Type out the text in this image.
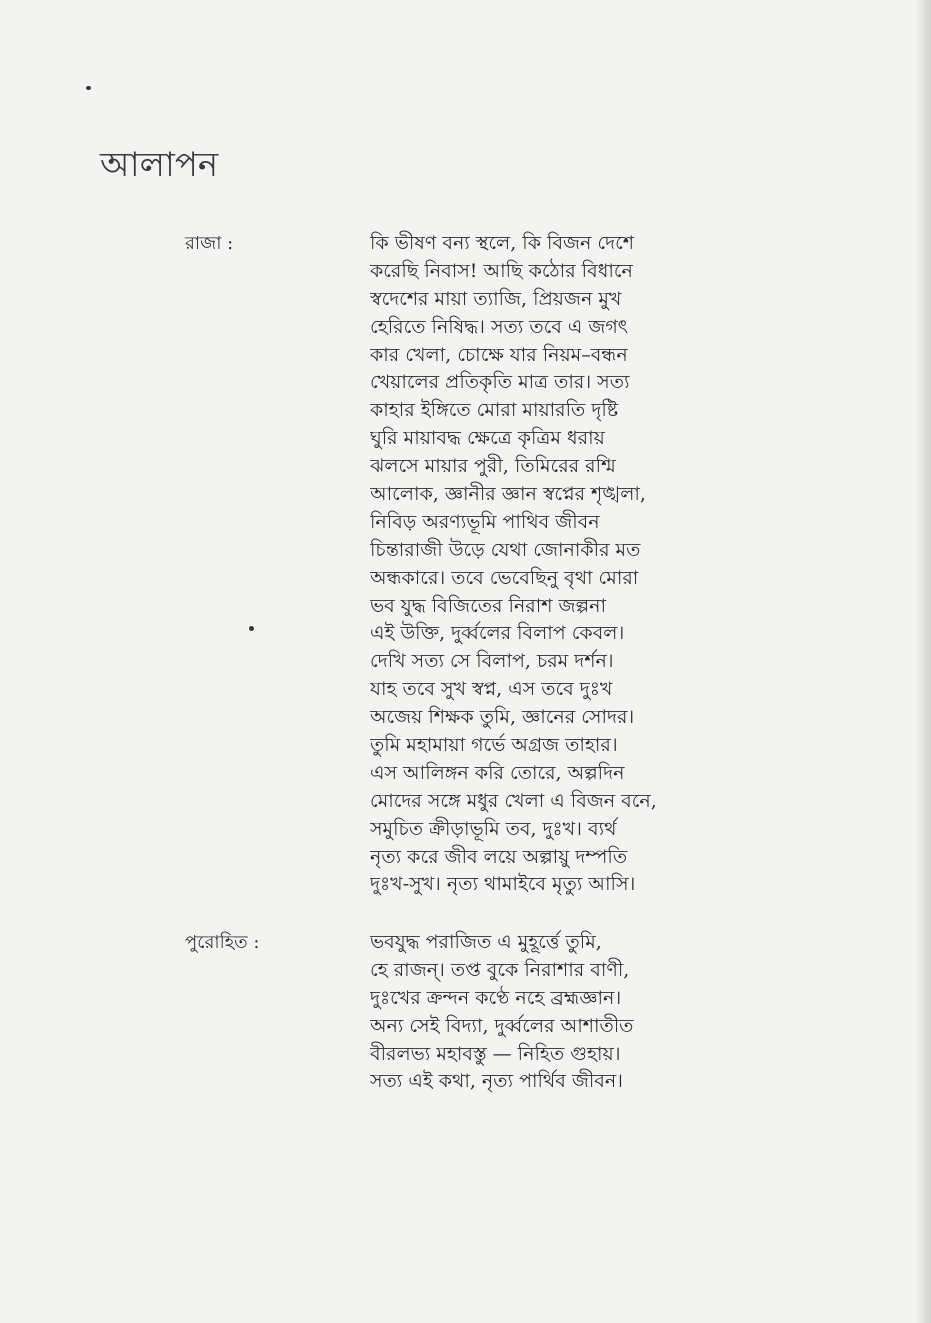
আলাপন
রাজা :	কি ভীষণ বন্য স্থলে, কি বিজন দেশে
করেছি নিবাস! আছি কঠোর বিধানে
স্বদেশের মায়া ত্যাজি, প্রিয়জন মুখ
হেরিতে নিষিদ্ধ। সত্য তবে এ জগৎ
কার খেলা, চোক্ষে যার নিয়ম–বন্ধন
খেয়ালের প্রতিকৃতি মাত্র তার। সত্য
কাহার ইঙ্গিতে মোরা মায়ারতি দৃষ্টি
ঘুরি মায়াবদ্ধ ক্ষেত্রে কৃত্রিম ধরায়
ঝলসে মায়ার পুরী, তিমিরের রশ্মি
আলোক, জ্ঞানীর জ্ঞান স্বপ্নের শৃঙ্খলা,
নিবিড় অরণ্যভূমি পাথিব জীবন
চিন্তারাজী উড়ে যেথা জোনাকীর মত
অন্ধকারে। তবে ভেবেছিনু বৃথা মোরা
ভব যুদ্ধ বিজিতের নিরাশ জল্পনা
এই উক্তি, দুর্ব্বলের বিলাপ কেবল।
দেখি সত্য সে বিলাপ, চরম দর্শন।
যাহ তবে সুখ স্বপ্ন, এস তবে দুঃখ
অজেয় শিক্ষক তুমি, জ্ঞানের সোদর।
তুমি মহামায়া গর্ভে অগ্রজ তাহার।
এস আলিঙ্গন করি তোরে, অল্পদিন
মোদের সঙ্গে মধুর খেলা এ বিজন বনে,
সমুচিত ক্রীড়াভূমি তব, দুঃখ। ব্যর্থ
নৃত্য করে জীব লয়ে অল্পায়ু দম্পতি
দুঃখ-সুখ। নৃত্য থামাইবে মৃত্যু আসি।
পুরোহিত :	ভবযুদ্ধ পরাজিত এ মুহূর্ত্তে তুমি,
হে রাজন্। তপ্ত বুকে নিরাশার বাণী,
দুঃখের ক্রন্দন কণ্ঠে নহে ব্রহ্মজ্ঞান।
অন্য সেই বিদ্যা, দুর্ব্বলের আশাতীত
বীরলভ্য মহাবস্তু — নিহিত গুহায়।
সত্য এই কথা, নৃত্য পার্থিব জীবন।
